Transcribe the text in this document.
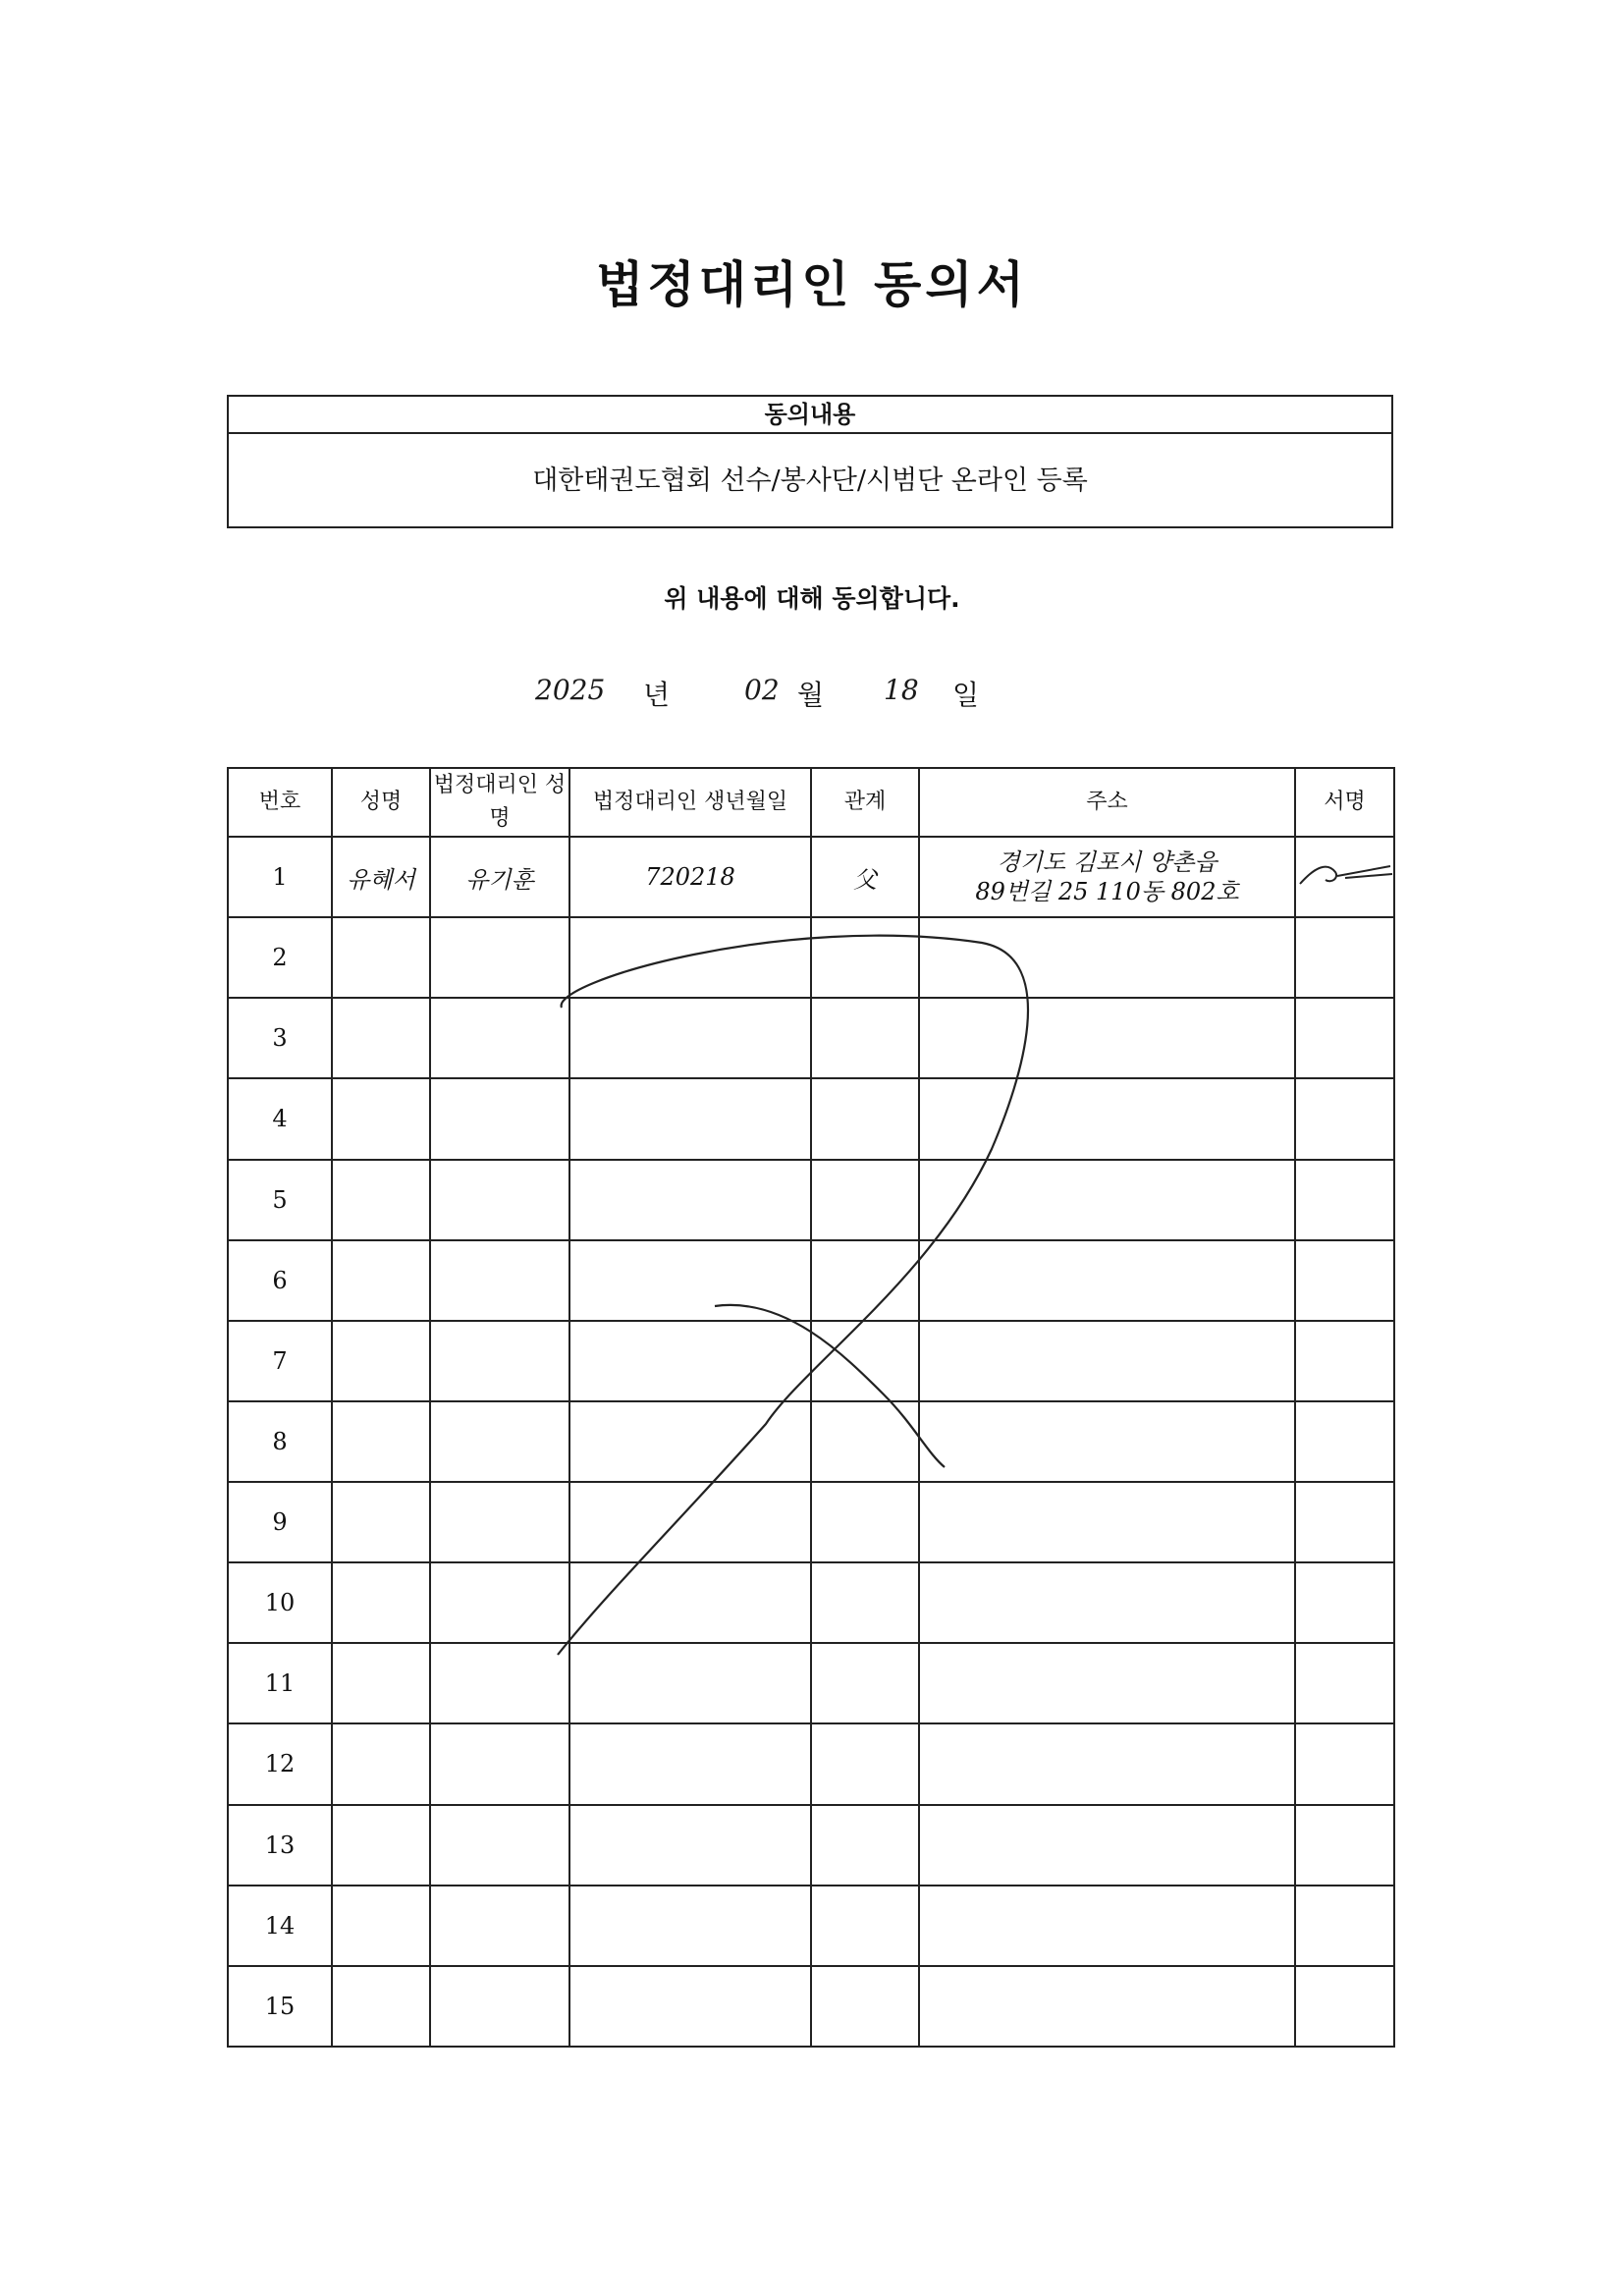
법정대리인 동의서
동의내용
대한태권도협회 선수/봉사단/시범단 온라인 등록
위 내용에 대해 동의합니다.
2025 년	02 월 18 일
번호	성명	법정대리인 성명	법정대리인 생년월일	관계	주소	서명
1	유혜서	유기훈	720218	父	경기도 김포시 양촌읍
89번길 25 110동 802호

2						
3						
4						
5						
6						
7						
8						
9						
10						
11						
12						
13						
14						
15						
